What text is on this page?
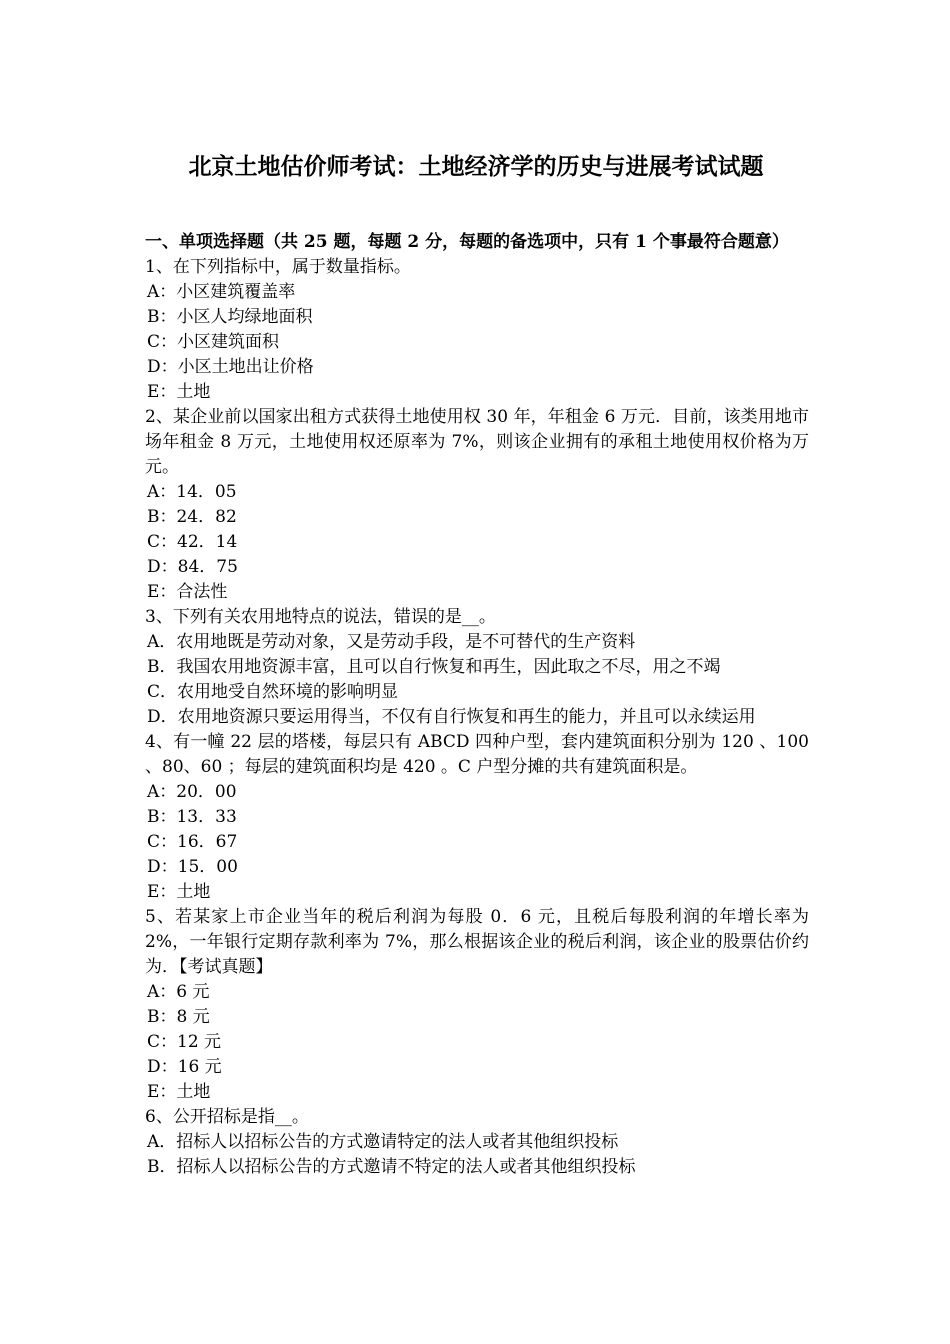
北京土地估价师考试：土地经济学的历史与进展考试试题

一、单项选择题（共 25 题，每题 2 分，每题的备选项中，只有 1 个事最符合题意）

1、在下列指标中，属于数量指标。

A：小区建筑覆盖率

B：小区人均绿地面积

C：小区建筑面积

D：小区土地出让价格

E：土地

2、某企业前以国家出租方式获得土地使用权 30 年，年租金 6 万元．目前，该类用地市场年租金 8 万元，土地使用权还原率为 7%，则该企业拥有的承租土地使用权价格为万元。

A：14．05

B：24．82

C：42．14

D：84．75

E：合法性

3、下列有关农用地特点的说法，错误的是__。

A．农用地既是劳动对象，又是劳动手段，是不可替代的生产资料

B．我国农用地资源丰富，且可以自行恢复和再生，因此取之不尽，用之不竭

C．农用地受自然环境的影响明显

D．农用地资源只要运用得当，不仅有自行恢复和再生的能力，并且可以永续运用

4、有一幢 22 层的塔楼，每层只有 ABCD 四种户型，套内建筑面积分别为 120 、100 、80、60 ；每层的建筑面积均是 420 。C 户型分摊的共有建筑面积是。

A：20．00

B：13．33

C：16．67

D：15．00

E：土地

5、若某家上市企业当年的税后利润为每股 0．6 元，且税后每股利润的年增长率为 2%，一年银行定期存款利率为 7%，那么根据该企业的税后利润，该企业的股票估价约为．【考试真题】

A：6 元

B：8 元

C：12 元

D：16 元

E：土地

6、公开招标是指__。

A．招标人以招标公告的方式邀请特定的法人或者其他组织投标

B．招标人以招标公告的方式邀请不特定的法人或者其他组织投标
